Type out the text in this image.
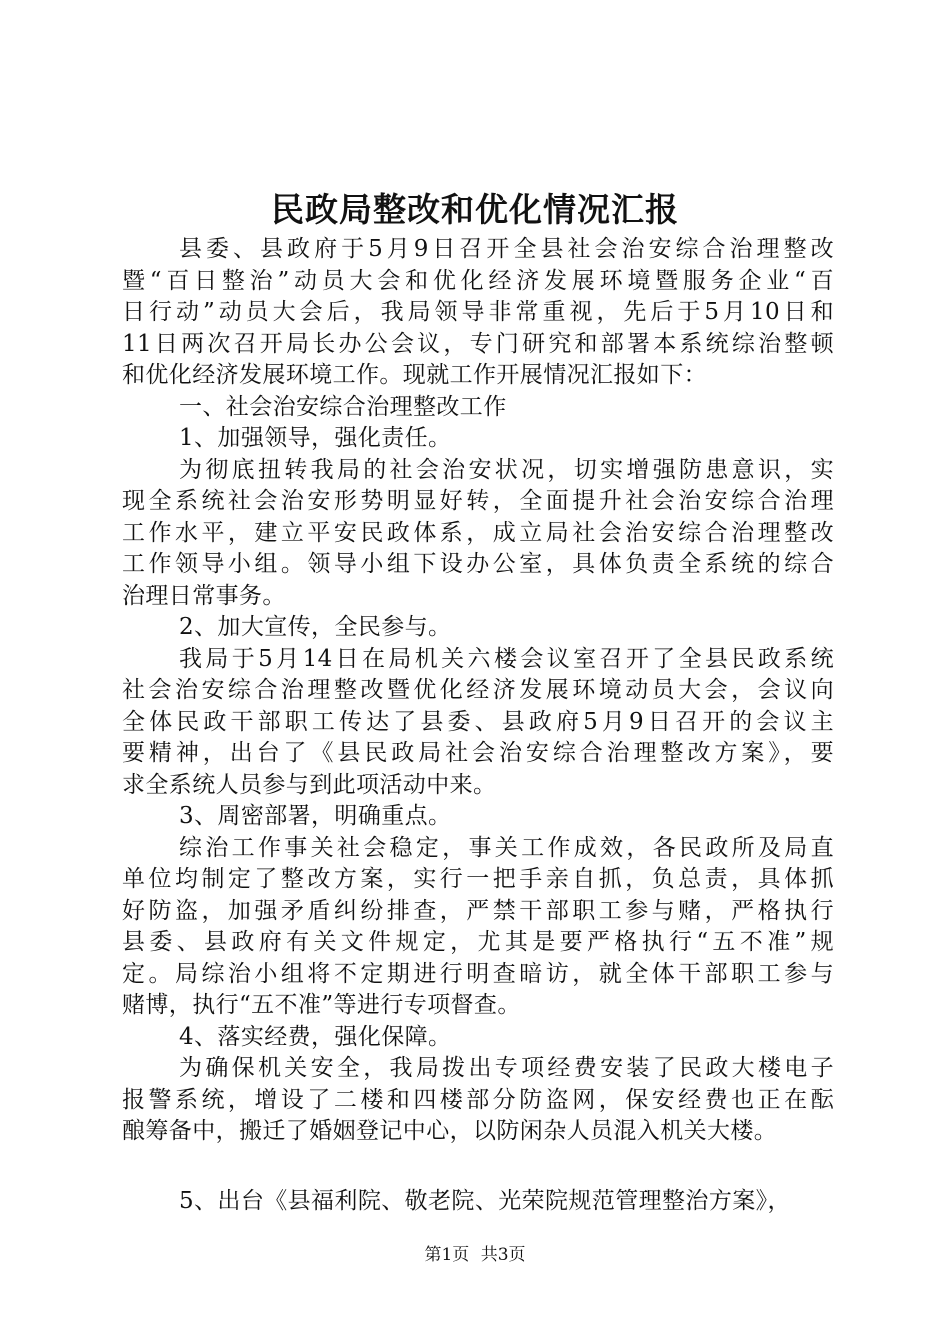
民政局整改和优化情况汇报
县委、县政府于5月9日召开全县社会治安综合治理整改
暨“百日整治”动员大会和优化经济发展环境暨服务企业“百
日行动”动员大会后，我局领导非常重视，先后于5月10日和
11日两次召开局长办公会议，专门研究和部署本系统综治整顿
和优化经济发展环境工作。现就工作开展情况汇报如下：
一、社会治安综合治理整改工作
1、加强领导，强化责任。
为彻底扭转我局的社会治安状况，切实增强防患意识，实
现全系统社会治安形势明显好转，全面提升社会治安综合治理
工作水平，建立平安民政体系，成立局社会治安综合治理整改
工作领导小组。领导小组下设办公室，具体负责全系统的综合
治理日常事务。
2、加大宣传，全民参与。
我局于5月14日在局机关六楼会议室召开了全县民政系统
社会治安综合治理整改暨优化经济发展环境动员大会，会议向
全体民政干部职工传达了县委、县政府5月9日召开的会议主
要精神，出台了《县民政局社会治安综合治理整改方案》，要
求全系统人员参与到此项活动中来。
3、周密部署，明确重点。
综治工作事关社会稳定，事关工作成效，各民政所及局直
单位均制定了整改方案，实行一把手亲自抓，负总责，具体抓
好防盗，加强矛盾纠纷排查，严禁干部职工参与赌，严格执行
县委、县政府有关文件规定，尤其是要严格执行“五不准”规
定。局综治小组将不定期进行明查暗访，就全体干部职工参与
赌博，执行“五不准”等进行专项督查。
4、落实经费，强化保障。
为确保机关安全，我局拨出专项经费安装了民政大楼电子
报警系统，增设了二楼和四楼部分防盗网，保安经费也正在酝
酿筹备中，搬迁了婚姻登记中心，以防闲杂人员混入机关大楼。
5、出台《县福利院、敬老院、光荣院规范管理整治方案》，
第1页 共3页
